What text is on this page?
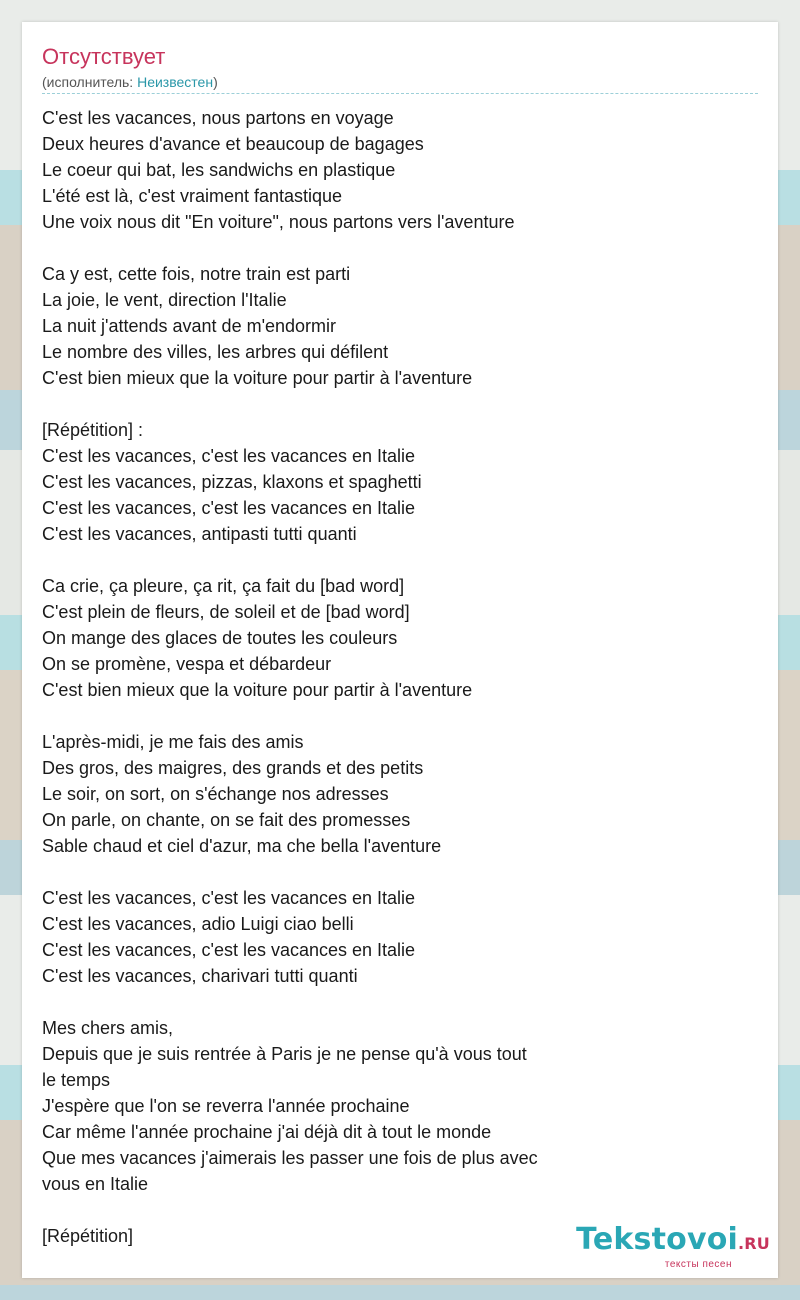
Отсутствует
(исполнитель: Неизвестен)
C'est les vacances, nous partons en voyage
Deux heures d'avance et beaucoup de bagages
Le coeur qui bat, les sandwichs en plastique
L'été est là, c'est vraiment fantastique
Une voix nous dit "En voiture", nous partons vers l'aventure
Ca y est, cette fois, notre train est parti
La joie, le vent, direction l'Italie
La nuit j'attends avant de m'endormir
Le nombre des villes, les arbres qui défilent
C'est bien mieux que la voiture pour partir à l'aventure
[Répétition] :
C'est les vacances, c'est les vacances en Italie
C'est les vacances, pizzas, klaxons et spaghetti
C'est les vacances, c'est les vacances en Italie
C'est les vacances, antipasti tutti quanti
Ca crie, ça pleure, ça rit, ça fait du [bad word]
C'est plein de fleurs, de soleil et de [bad word]
On mange des glaces de toutes les couleurs
On se promène, vespa et débardeur
C'est bien mieux que la voiture pour partir à l'aventure
L'après-midi, je me fais des amis
Des gros, des maigres, des grands et des petits
Le soir, on sort, on s'échange nos adresses
On parle, on chante, on se fait des promesses
Sable chaud et ciel d'azur, ma che bella l'aventure
C'est les vacances, c'est les vacances en Italie
C'est les vacances, adio Luigi ciao belli
C'est les vacances, c'est les vacances en Italie
C'est les vacances, charivari tutti quanti
Mes chers amis,
Depuis que je suis rentrée à Paris je ne pense qu'à vous tout
le temps
J'espère que l'on se reverra l'année prochaine
Car même l'année prochaine j'ai déjà dit à tout le monde
Que mes vacances j'aimerais les passer une fois de plus avec
vous en Italie
[Répétition]	Tekstovoi.RU
тексты песен
